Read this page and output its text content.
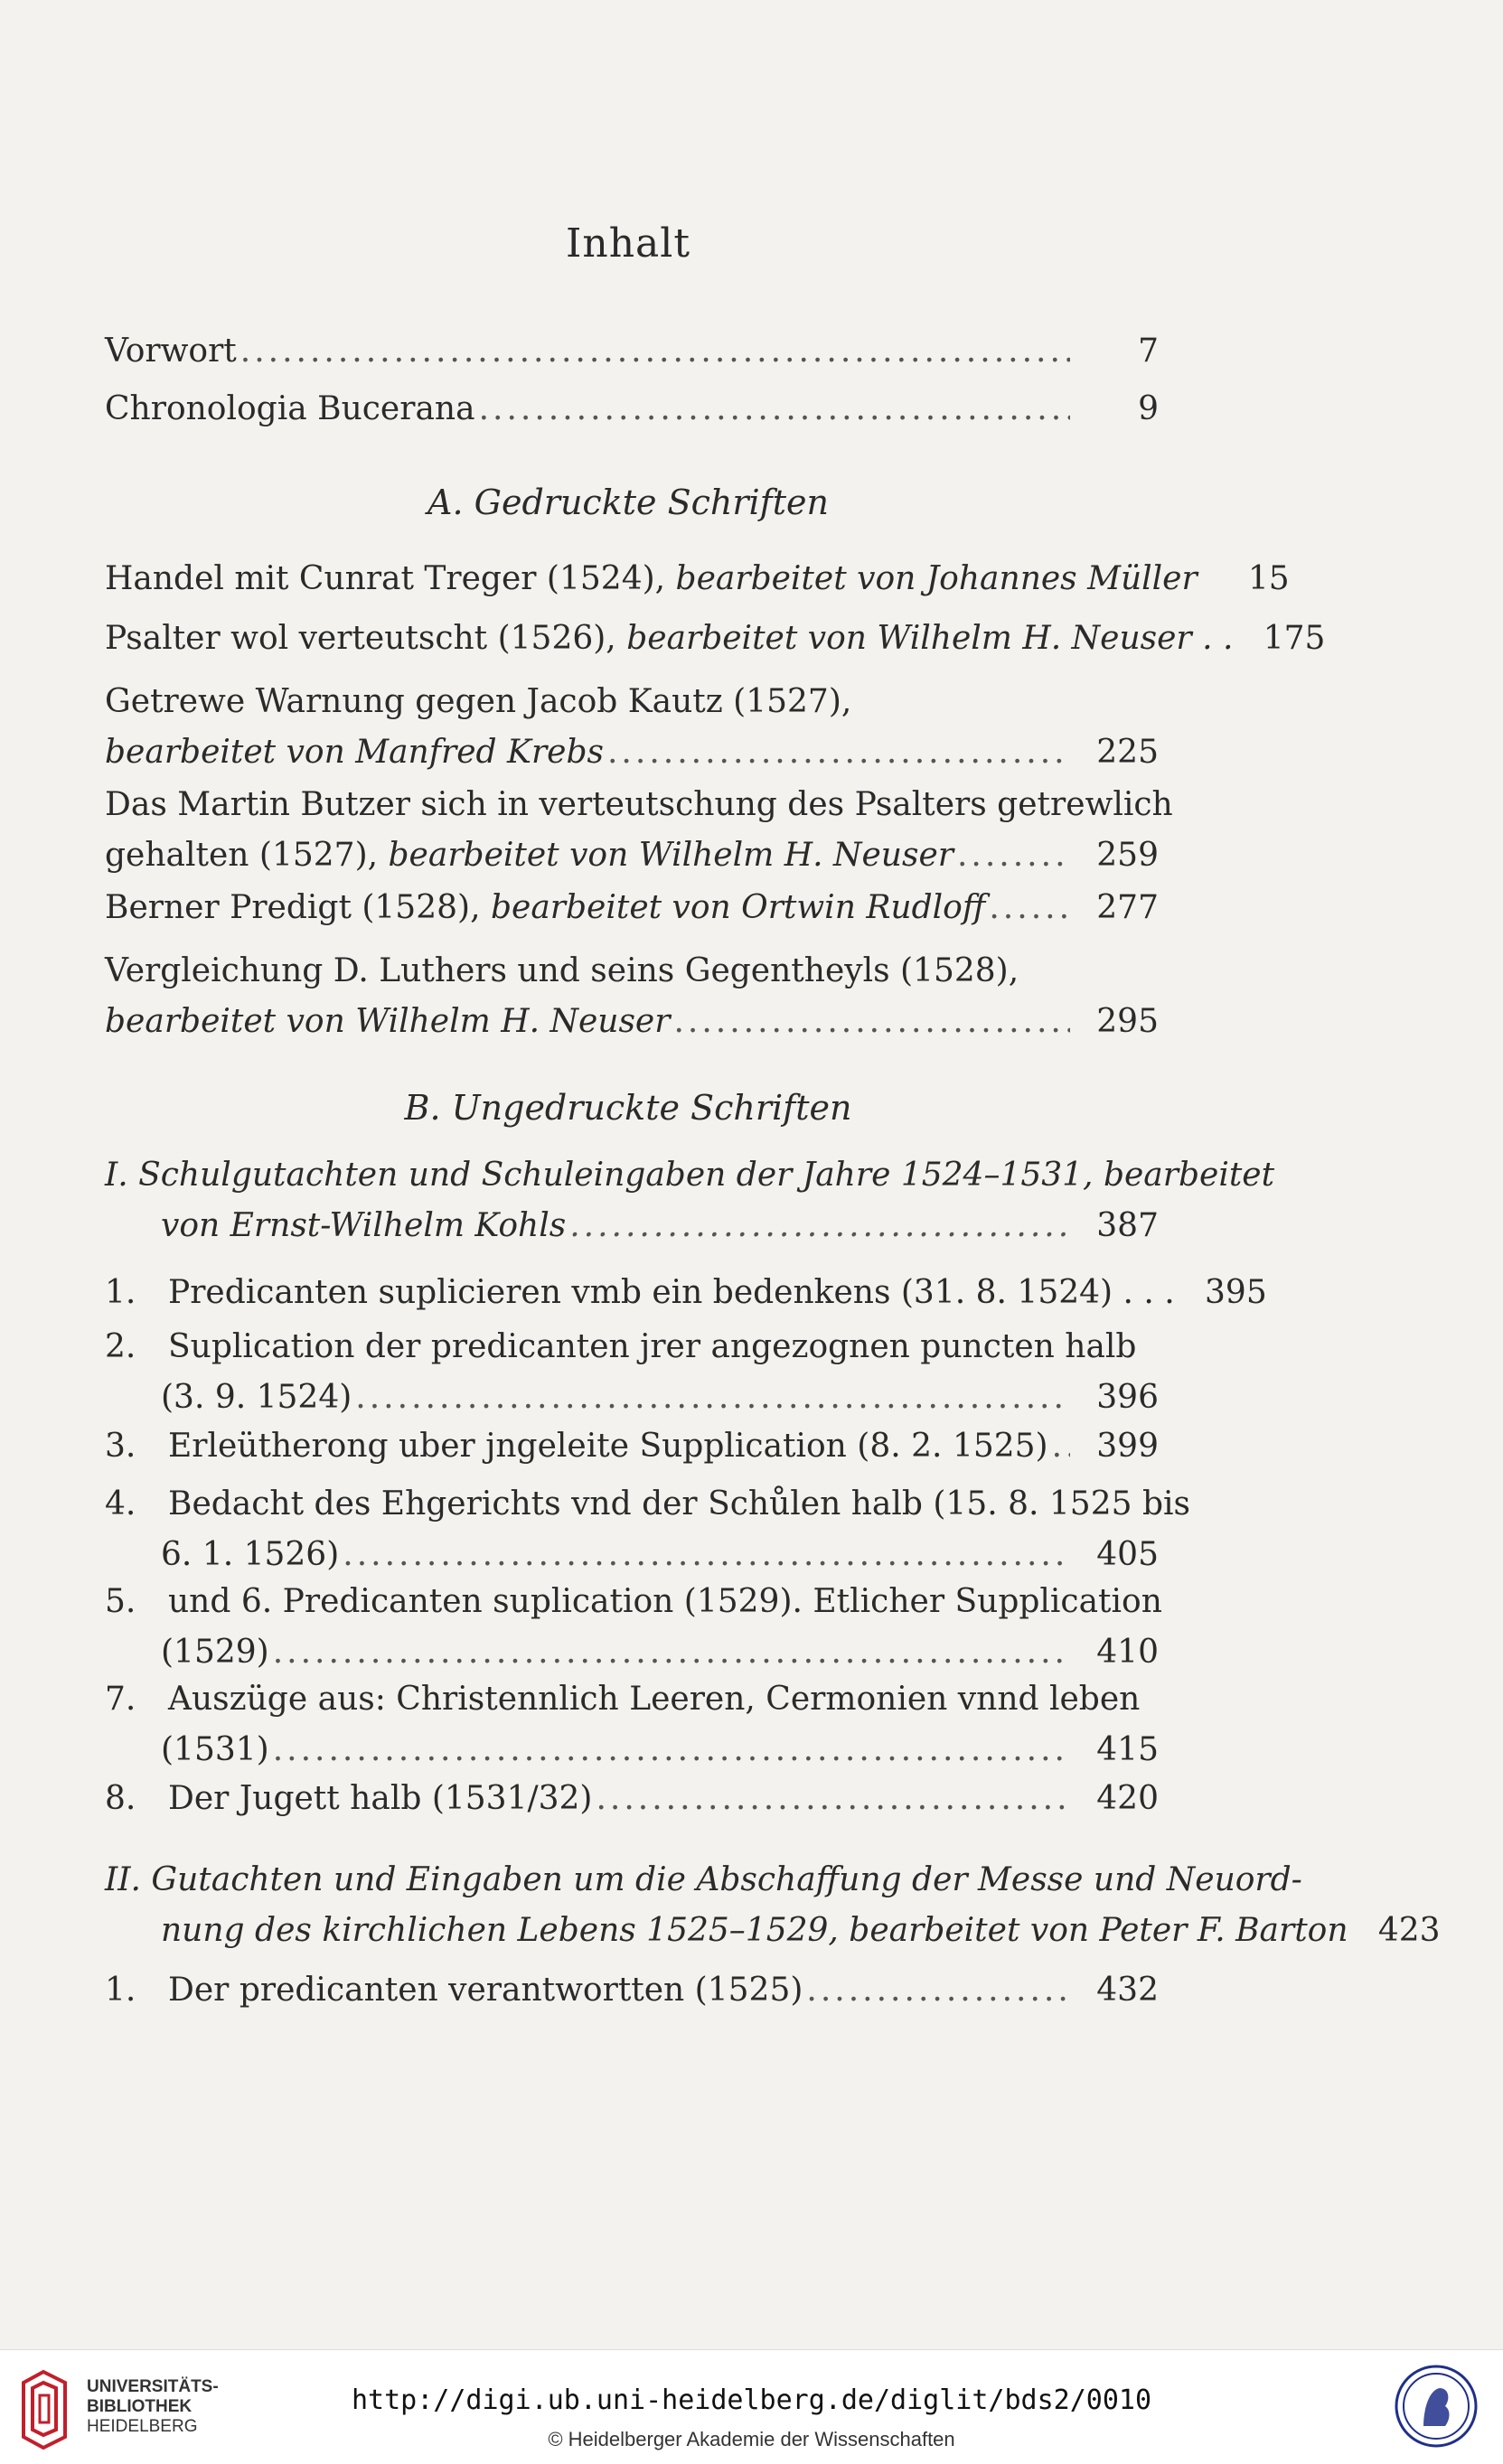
Inhalt
Vorwort .....	7
Chronologia Bucerana .....	9
A. Gedruckte Schriften
Handel mit Cunrat Treger (1524),
bearbeitet von Johannes Müller	15
Psalter wol verteutscht (1526),
bearbeitet von Wilhelm H. Neuser . . 175
Getrewe Warnung gegen Jacob Kautz (1527),
bearbeitet von Manfred Krebs .....	225
Das Martin Butzer sich in verteutschung des Psalters getrewlich
gehalten (1527),
bearbeitet von Wilhelm H. Neuser .....	259
Berner Predigt (1528),
bearbeitet von Ortwin Rudloff .....	277
Vergleichung D. Luthers und seins Gegentheyls (1528),
bearbeitet von Wilhelm H. Neuser .....	295
B. Ungedruckte Schriften
I. Schulgutachten und Schuleingaben der Jahre 1524–1531, bearbeitet
von Ernst-Wilhelm Kohls .....	387
1. Predicanten suplicieren vmb ein bedenkens (31. 8. 1524) . . . 395
2. Suplication der predicanten jrer angezognen puncten halb
(3. 9. 1524) .....	396
3. Erleütherong uber jngeleite Supplication (8. 2. 1525) .....	399
4. Bedacht des Ehgerichts vnd der Schůlen halb (15. 8. 1525 bis
6. 1. 1526) .....	405
5. und 6. Predicanten suplication (1529). Etlicher Supplication
(1529) .....	410
7. Auszüge aus: Christennlich Leeren, Cermonien vnnd leben
(1531) .....	415
8. Der Jugett halb (1531/32) .....	420
II. Gutachten und Eingaben um die Abschaffung der Messe und Neuord-
nung des kirchlichen Lebens 1525–1529, bearbeitet von Peter F. Barton 423
1. Der predicanten verantwortten (1525) .....	432
UNIVERSITÄTS-
BIBLIOTHEK
HEIDELBERG
http://digi.ub.uni-heidelberg.de/diglit/bds2/0010
© Heidelberger Akademie der Wissenschaften
